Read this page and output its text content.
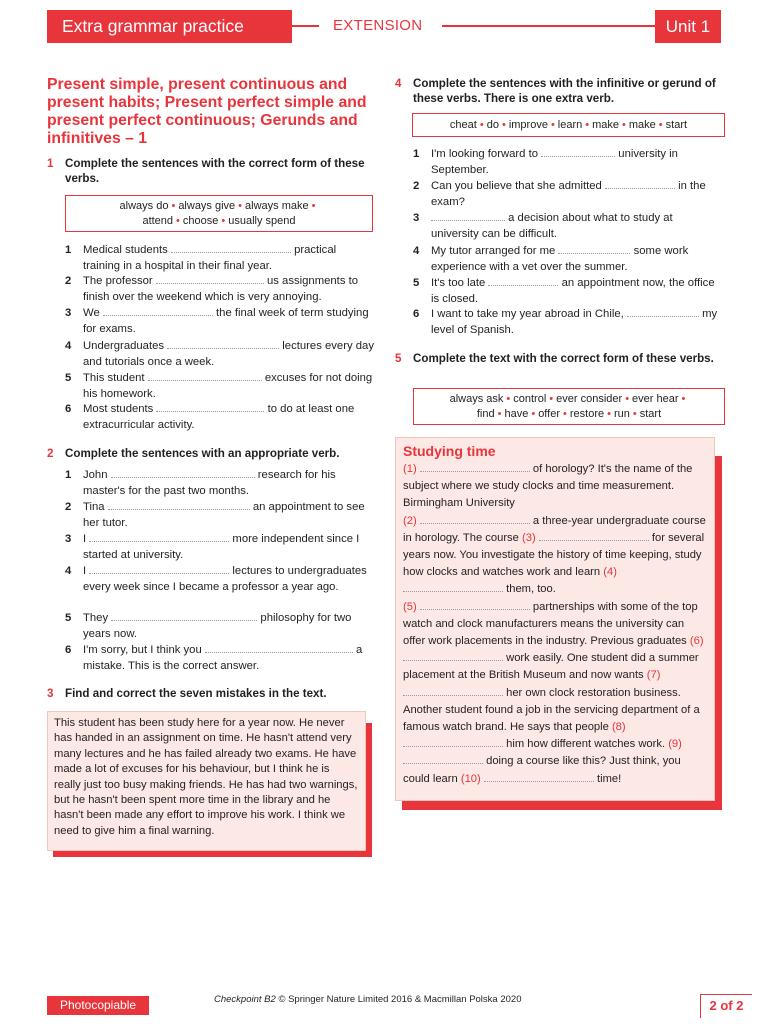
Extra grammar practice	EXTENSION	Unit 1
Present simple, present continuous and present habits; Present perfect simple and present perfect continuous; Gerunds and infinitives – 1
1 Complete the sentences with the correct form of these verbs.
always do • always give • always make •
attend • choose • usually spend
1	Medical students	practical training in a hospital in their final year.
2	The professor	us assignments to finish over the weekend which is very annoying.
3	We	the final week of term studying for exams.
4	Undergraduates	lectures every day and tutorials once a week.
5	This student	excuses for not doing his homework.
6	Most students	to do at least one extracurricular activity.
2 Complete the sentences with an appropriate verb.
1	John	research for his master's for the past two months.
2	Tina	an appointment to see her tutor.
3	I	more independent since I started at university.
4	I	lectures to undergraduates every week since I became a professor a year ago.
5	They	philosophy for two years now.
6	I'm sorry, but I think you	a mistake. This is the correct answer.
3 Find and correct the seven mistakes in the text.

This student has been study here for a year now. He never has handed in an assignment on time. He hasn't attend very many lectures and he has failed already two exams. He have made a lot of excuses for his behaviour, but I think he is really just too busy making friends. He has had two warnings, but he hasn't been spent more time in the library and he hasn't been made any effort to improve his work. I think we need to give him a final warning.

4 Complete the sentences with the infinitive or gerund of these verbs. There is one extra verb.
cheat • do • improve • learn • make • make • start
1	I'm looking forward to	university in September.
2	Can you believe that she admitted	in the exam?
3	a decision about what to study at university can be difficult.
4	My tutor arranged for me	some work experience with a vet over the summer.
5	It's too late	an appointment now, the office is closed.
6	I want to take my year abroad in Chile,	my level of Spanish.
5 Complete the text with the correct form of these verbs.
always ask • control • ever consider • ever hear •
find • have • offer • restore • run • start
Studying time

(1)	of horology? It's the name of the subject where we study clocks and time measurement. Birmingham University
(2)	a three-year undergraduate course in horology. The course (3)	for several years now. You investigate the history of time keeping, study how clocks and watches work and learn (4)  them, too.
(5)	partnerships with some of the top watch and clock manufacturers means the university can offer work placements in the industry. Previous graduates (6)  work easily. One student did a summer placement at the British Museum and now wants (7)  her own clock restoration business. Another student found a job in the servicing department of a famous watch brand. He says that people (8)  him how different watches work. (9)  doing a course like this? Just think, you could learn (10)	time!

Photocopiable	Checkpoint B2 © Springer Nature Limited 2016 & Macmillan Polska 2020	2 of 2
